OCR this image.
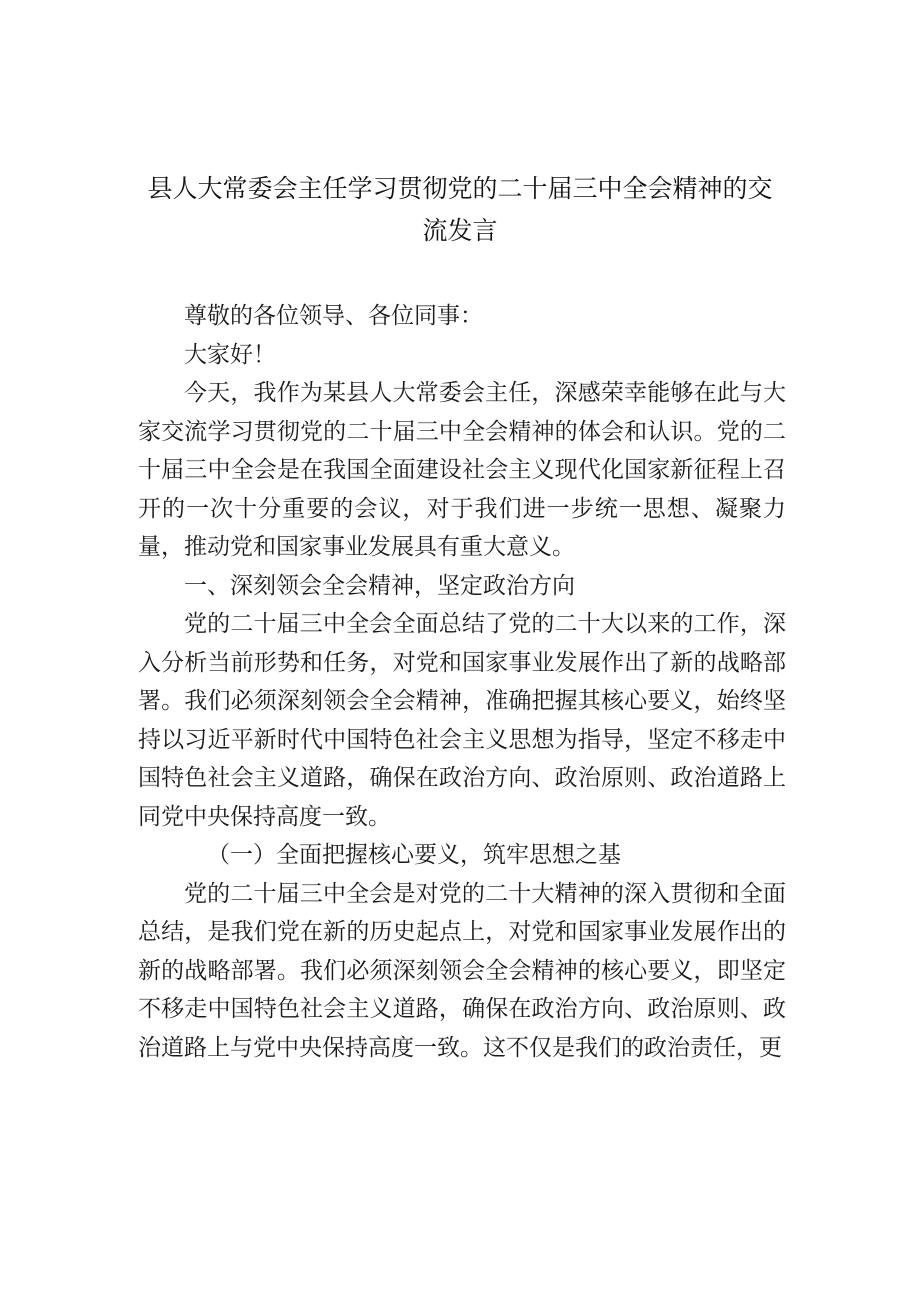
县人大常委会主任学习贯彻党的二十届三中全会精神的交流发言

尊敬的各位领导、各位同事：

大家好！

今天，我作为某县人大常委会主任，深感荣幸能够在此与大家交流学习贯彻党的二十届三中全会精神的体会和认识。党的二十届三中全会是在我国全面建设社会主义现代化国家新征程上召开的一次十分重要的会议，对于我们进一步统一思想、凝聚力量，推动党和国家事业发展具有重大意义。

一、深刻领会全会精神，坚定政治方向

党的二十届三中全会全面总结了党的二十大以来的工作，深入分析当前形势和任务，对党和国家事业发展作出了新的战略部署。我们必须深刻领会全会精神，准确把握其核心要义，始终坚持以习近平新时代中国特色社会主义思想为指导，坚定不移走中国特色社会主义道路，确保在政治方向、政治原则、政治道路上同党中央保持高度一致。

（一）全面把握核心要义，筑牢思想之基

党的二十届三中全会是对党的二十大精神的深入贯彻和全面总结，是我们党在新的历史起点上，对党和国家事业发展作出的新的战略部署。我们必须深刻领会全会精神的核心要义，即坚定不移走中国特色社会主义道路，确保在政治方向、政治原则、政治道路上与党中央保持高度一致。这不仅是我们的政治责任，更
